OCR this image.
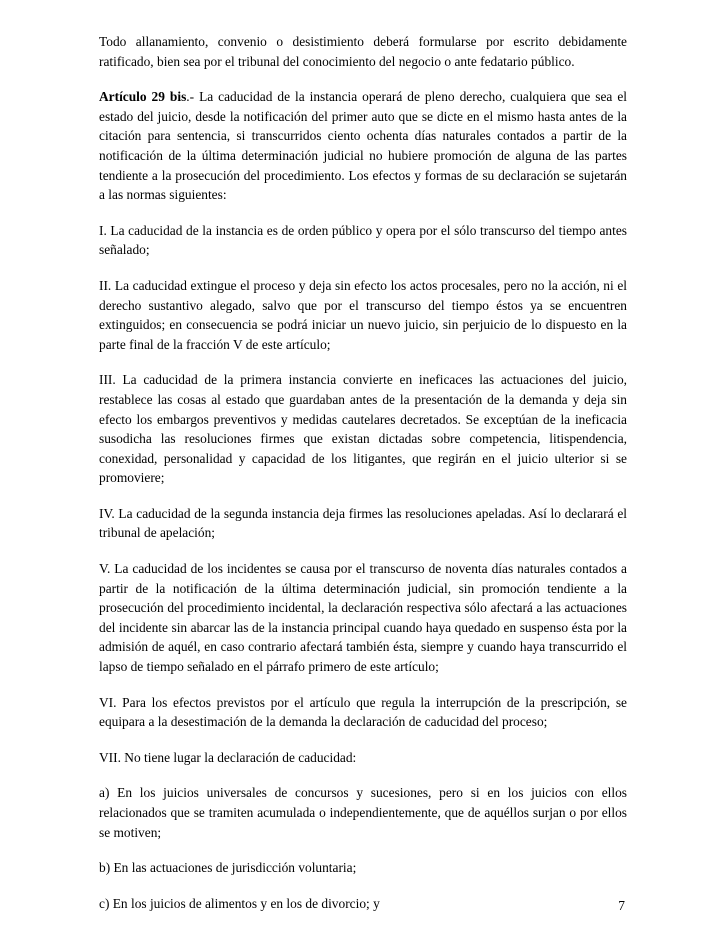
Todo allanamiento, convenio o desistimiento deberá formularse por escrito debidamente ratificado, bien sea por el tribunal del conocimiento del negocio o ante fedatario público.

Artículo 29 bis.- La caducidad de la instancia operará de pleno derecho, cualquiera que sea el estado del juicio, desde la notificación del primer auto que se dicte en el mismo hasta antes de la citación para sentencia, si transcurridos ciento ochenta días naturales contados a partir de la notificación de la última determinación judicial no hubiere promoción de alguna de las partes tendiente a la prosecución del procedimiento. Los efectos y formas de su declaración se sujetarán a las normas siguientes:

I. La caducidad de la instancia es de orden público y opera por el sólo transcurso del tiempo antes señalado;

II. La caducidad extingue el proceso y deja sin efecto los actos procesales, pero no la acción, ni el derecho sustantivo alegado, salvo que por el transcurso del tiempo éstos ya se encuentren extinguidos; en consecuencia se podrá iniciar un nuevo juicio, sin perjuicio de lo dispuesto en la parte final de la fracción V de este artículo;

III. La caducidad de la primera instancia convierte en ineficaces las actuaciones del juicio, restablece las cosas al estado que guardaban antes de la presentación de la demanda y deja sin efecto los embargos preventivos y medidas cautelares decretados. Se exceptúan de la ineficacia susodicha las resoluciones firmes que existan dictadas sobre competencia, litispendencia, conexidad, personalidad y capacidad de los litigantes, que regirán en el juicio ulterior si se promoviere;

IV. La caducidad de la segunda instancia deja firmes las resoluciones apeladas. Así lo declarará el tribunal de apelación;

V. La caducidad de los incidentes se causa por el transcurso de noventa días naturales contados a partir de la notificación de la última determinación judicial, sin promoción tendiente a la prosecución del procedimiento incidental, la declaración respectiva sólo afectará a las actuaciones del incidente sin abarcar las de la instancia principal cuando haya quedado en suspenso ésta por la admisión de aquél, en caso contrario afectará también ésta, siempre y cuando haya transcurrido el lapso de tiempo señalado en el párrafo primero de este artículo;

VI. Para los efectos previstos por el artículo que regula la interrupción de la prescripción, se equipara a la desestimación de la demanda la declaración de caducidad del proceso;

VII. No tiene lugar la declaración de caducidad:

a) En los juicios universales de concursos y sucesiones, pero si en los juicios con ellos relacionados que se tramiten acumulada o independientemente, que de aquéllos surjan o por ellos se motiven;

b) En las actuaciones de jurisdicción voluntaria;

c) En los juicios de alimentos y en los de divorcio; y	7
